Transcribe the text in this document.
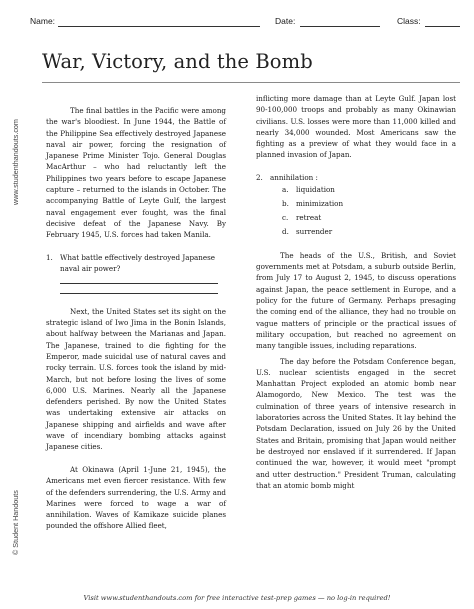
Name:	Date:	Class:
War, Victory, and the Bomb
www.studenthandouts.com
© Student Handouts

The final battles in the Pacific were among the war's bloodiest. In June 1944, the Battle of the Philippine Sea effectively destroyed Japanese naval air power, forcing the resignation of Japanese Prime Minister Tojo. General Douglas MacArthur – who had reluctantly left the Philippines two years before to escape Japanese capture – returned to the islands in October. The accompanying Battle of Leyte Gulf, the largest naval engagement ever fought, was the final decisive defeat of the Japanese Navy. By February 1945, U.S. forces had taken Manila.

1.	What battle effectively destroyed Japanese naval air power?

Next, the United States set its sight on the strategic island of Iwo Jima in the Bonin Islands, about halfway between the Marianas and Japan. The Japanese, trained to die fighting for the Emperor, made suicidal use of natural caves and rocky terrain. U.S. forces took the island by mid-March, but not before losing the lives of some 6,000 U.S. Marines. Nearly all the Japanese defenders perished. By now the United States was undertaking extensive air attacks on Japanese shipping and airfields and wave after wave of incendiary bombing attacks against Japanese cities.

At Okinawa (April 1-June 21, 1945), the Americans met even fiercer resistance. With few of the defenders surrendering, the U.S. Army and Marines were forced to wage a war of annihilation. Waves of Kamikaze suicide planes pounded the offshore Allied fleet,

inflicting more damage than at Leyte Gulf. Japan lost 90-100,000 troops and probably as many Okinawian civilians. U.S. losses were more than 11,000 killed and nearly 34,000 wounded. Most Americans saw the fighting as a preview of what they would face in a planned invasion of Japan.

2.	annihilation :
a. liquidation
b. minimization
c. retreat
d. surrender

The heads of the U.S., British, and Soviet governments met at Potsdam, a suburb outside Berlin, from July 17 to August 2, 1945, to discuss operations against Japan, the peace settlement in Europe, and a policy for the future of Germany. Perhaps presaging the coming end of the alliance, they had no trouble on vague matters of principle or the practical issues of military occupation, but reached no agreement on many tangible issues, including reparations.

The day before the Potsdam Conference began, U.S. nuclear scientists engaged in the secret Manhattan Project exploded an atomic bomb near Alamogordo, New Mexico. The test was the culmination of three years of intensive research in laboratories across the United States. It lay behind the Potsdam Declaration, issued on July 26 by the United States and Britain, promising that Japan would neither be destroyed nor enslaved if it surrendered. If Japan continued the war, however, it would meet "prompt and utter destruction." President Truman, calculating that an atomic bomb might

Visit www.studenthandouts.com for free interactive test-prep games — no log-in required!
